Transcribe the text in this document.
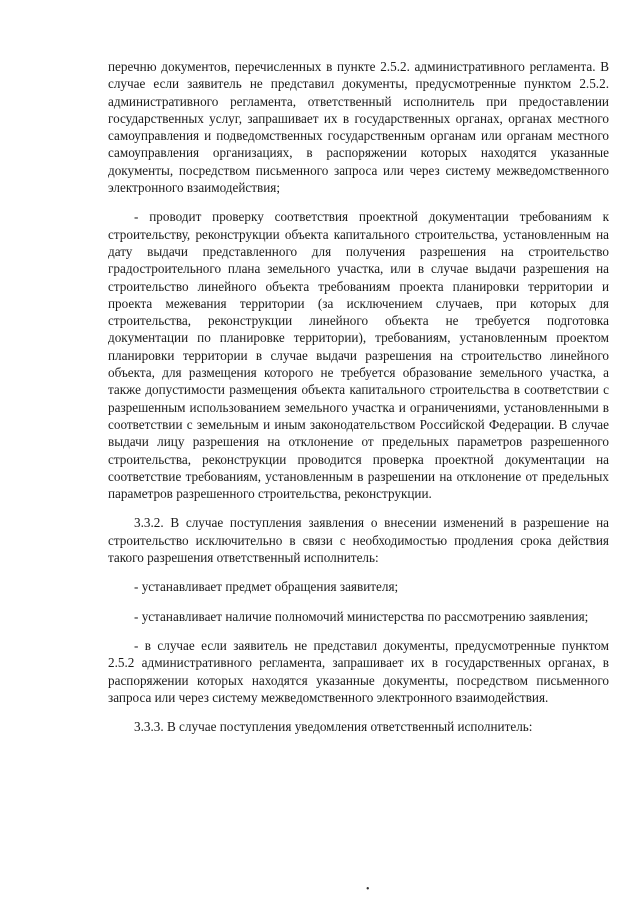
перечню документов, перечисленных в пункте 2.5.2. административного регламента. В случае если заявитель не представил документы, предусмотренные пунктом 2.5.2. административного регламента, ответственный исполнитель при предоставлении государственных услуг, запрашивает их в государственных органах, органах местного самоуправления и подведомственных государственным органам или органам местного самоуправления организациях, в распоряжении которых находятся указанные документы, посредством письменного запроса или через систему межведомственного электронного взаимодействия;

- проводит проверку соответствия проектной документации требованиям к строительству, реконструкции объекта капитального строительства, установленным на дату выдачи представленного для получения разрешения на строительство градостроительного плана земельного участка, или в случае выдачи разрешения на строительство линейного объекта требованиям проекта планировки территории и проекта межевания территории (за исключением случаев, при которых для строительства, реконструкции линейного объекта не требуется подготовка документации по планировке территории), требованиям, установленным проектом планировки территории в случае выдачи разрешения на строительство линейного объекта, для размещения которого не требуется образование земельного участка, а также допустимости размещения объекта капитального строительства в соответствии с разрешенным использованием земельного участка и ограничениями, установленными в соответствии с земельным и иным законодательством Российской Федерации. В случае выдачи лицу разрешения на отклонение от предельных параметров разрешенного строительства, реконструкции проводится проверка проектной документации на соответствие требованиям, установленным в разрешении на отклонение от предельных параметров разрешенного строительства, реконструкции.

3.3.2. В случае поступления заявления о внесении изменений в разрешение на строительство исключительно в связи с необходимостью продления срока действия такого разрешения ответственный исполнитель:

- устанавливает предмет обращения заявителя;

- устанавливает наличие полномочий министерства по рассмотрению заявления;

- в случае если заявитель не представил документы, предусмотренные пунктом 2.5.2 административного регламента, запрашивает их в государственных органах, в распоряжении которых находятся указанные документы, посредством письменного запроса или через систему межведомственного электронного взаимодействия.

3.3.3. В случае поступления уведомления ответственный исполнитель:

•
